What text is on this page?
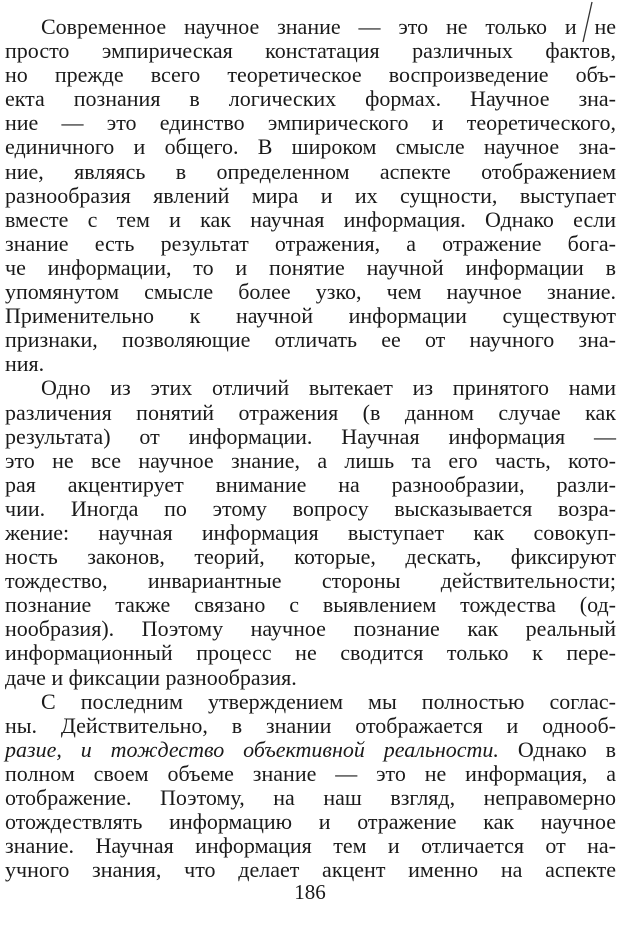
Современное научное знание — это не только и не
просто эмпирическая констатация различных фактов,
но прежде всего теоретическое воспроизведение объ-
екта познания в логических формах. Научное зна-
ние — это единство эмпирического и теоретического,
единичного и общего. В широком смысле научное зна-
ние, являясь в определенном аспекте отображением
разнообразия явлений мира и их сущности, выступает
вместе с тем и как научная информация. Однако если
знание есть результат отражения, а отражение бога-
че информации, то и понятие научной информации в
упомянутом смысле более узко, чем научное знание.
Применительно к научной информации существуют
признаки, позволяющие отличать ее от научного зна-
ния.
Одно из этих отличий вытекает из принятого нами
различения понятий отражения (в данном случае как
результата) от информации. Научная информация —
это не все научное знание, а лишь та его часть, кото-
рая акцентирует внимание на разнообразии, разли-
чии. Иногда по этому вопросу высказывается возра-
жение: научная информация выступает как совокуп-
ность законов, теорий, которые, дескать, фиксируют
тождество, инвариантные стороны действительности;
познание также связано с выявлением тождества (од-
нообразия). Поэтому научное познание как реальный
информационный процесс не сводится только к пере-
даче и фиксации разнообразия.
С последним утверждением мы полностью соглас-
ны. Действительно, в знании отображается и однооб-
разие, и тождество объективной реальности. Однако в
полном своем объеме знание — это не информация, а
отображение. Поэтому, на наш взгляд, неправомерно
отождествлять информацию и отражение как научное
знание. Научная информация тем и отличается от на-
учного знания, что делает акцент именно на аспекте
186
